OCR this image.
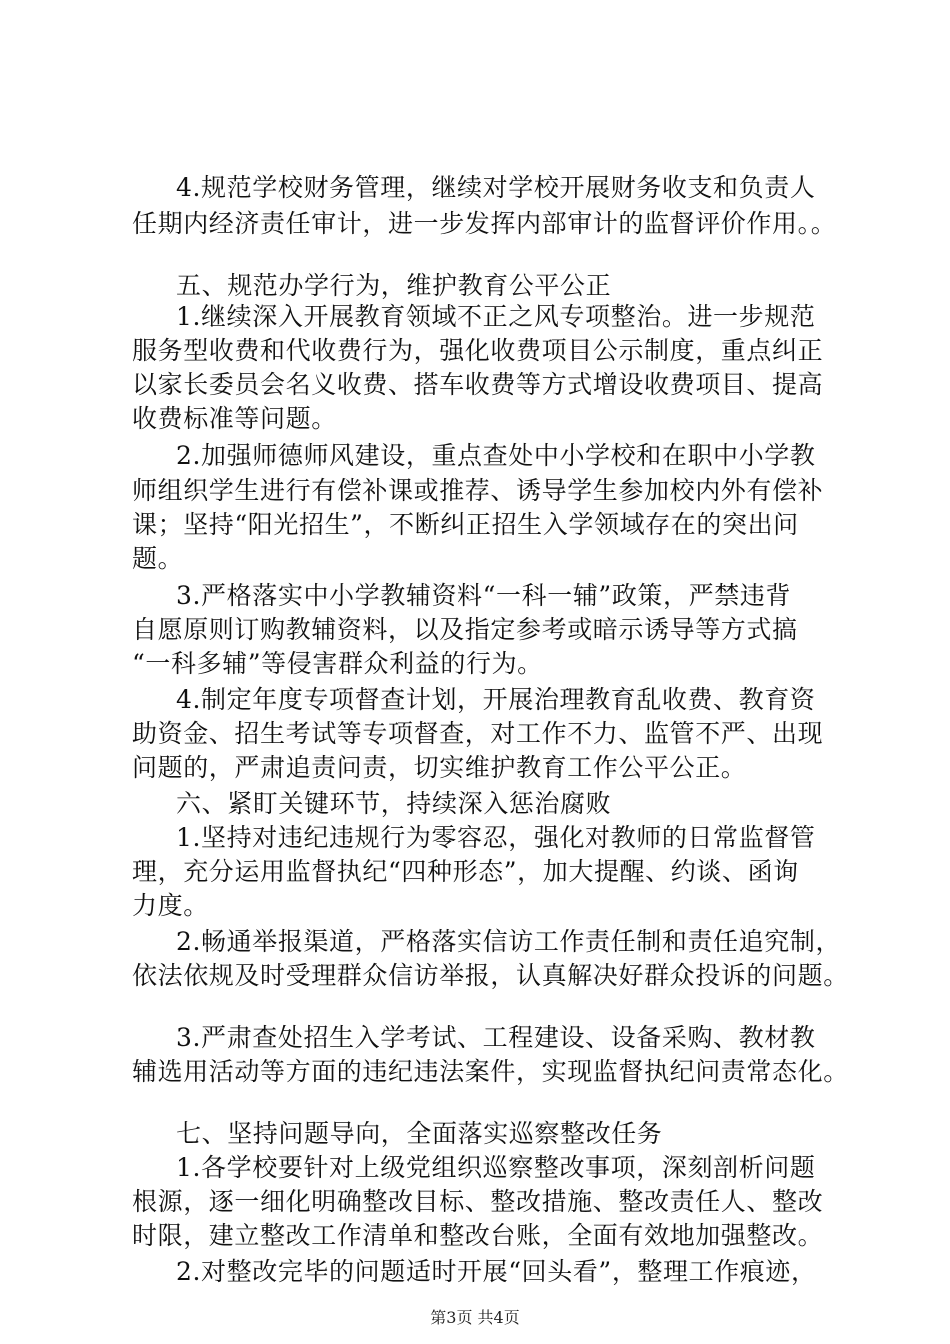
4.规范学校财务管理，继续对学校开展财务收支和负责人
任期内经济责任审计，进一步发挥内部审计的监督评价作用。。
五、规范办学行为，维护教育公平公正
1.继续深入开展教育领域不正之风专项整治。进一步规范
服务型收费和代收费行为，强化收费项目公示制度，重点纠正
以家长委员会名义收费、搭车收费等方式增设收费项目、提高
收费标准等问题。
2.加强师德师风建设，重点查处中小学校和在职中小学教
师组织学生进行有偿补课或推荐、诱导学生参加校内外有偿补
课；坚持“阳光招生”，不断纠正招生入学领域存在的突出问
题。
3.严格落实中小学教辅资料“一科一辅”政策，严禁违背
自愿原则订购教辅资料，以及指定参考或暗示诱导等方式搞
“一科多辅”等侵害群众利益的行为。
4.制定年度专项督查计划，开展治理教育乱收费、教育资
助资金、招生考试等专项督查，对工作不力、监管不严、出现
问题的，严肃追责问责，切实维护教育工作公平公正。
六、紧盯关键环节，持续深入惩治腐败
1.坚持对违纪违规行为零容忍，强化对教师的日常监督管
理，充分运用监督执纪“四种形态”，加大提醒、约谈、函询
力度。
2.畅通举报渠道，严格落实信访工作责任制和责任追究制，
依法依规及时受理群众信访举报，认真解决好群众投诉的问题。
3.严肃查处招生入学考试、工程建设、设备采购、教材教
辅选用活动等方面的违纪违法案件，实现监督执纪问责常态化。
七、坚持问题导向，全面落实巡察整改任务
1.各学校要针对上级党组织巡察整改事项，深刻剖析问题
根源，逐一细化明确整改目标、整改措施、整改责任人、整改
时限，建立整改工作清单和整改台账，全面有效地加强整改。
2.对整改完毕的问题适时开展“回头看”，整理工作痕迹，
第3页 共4页
